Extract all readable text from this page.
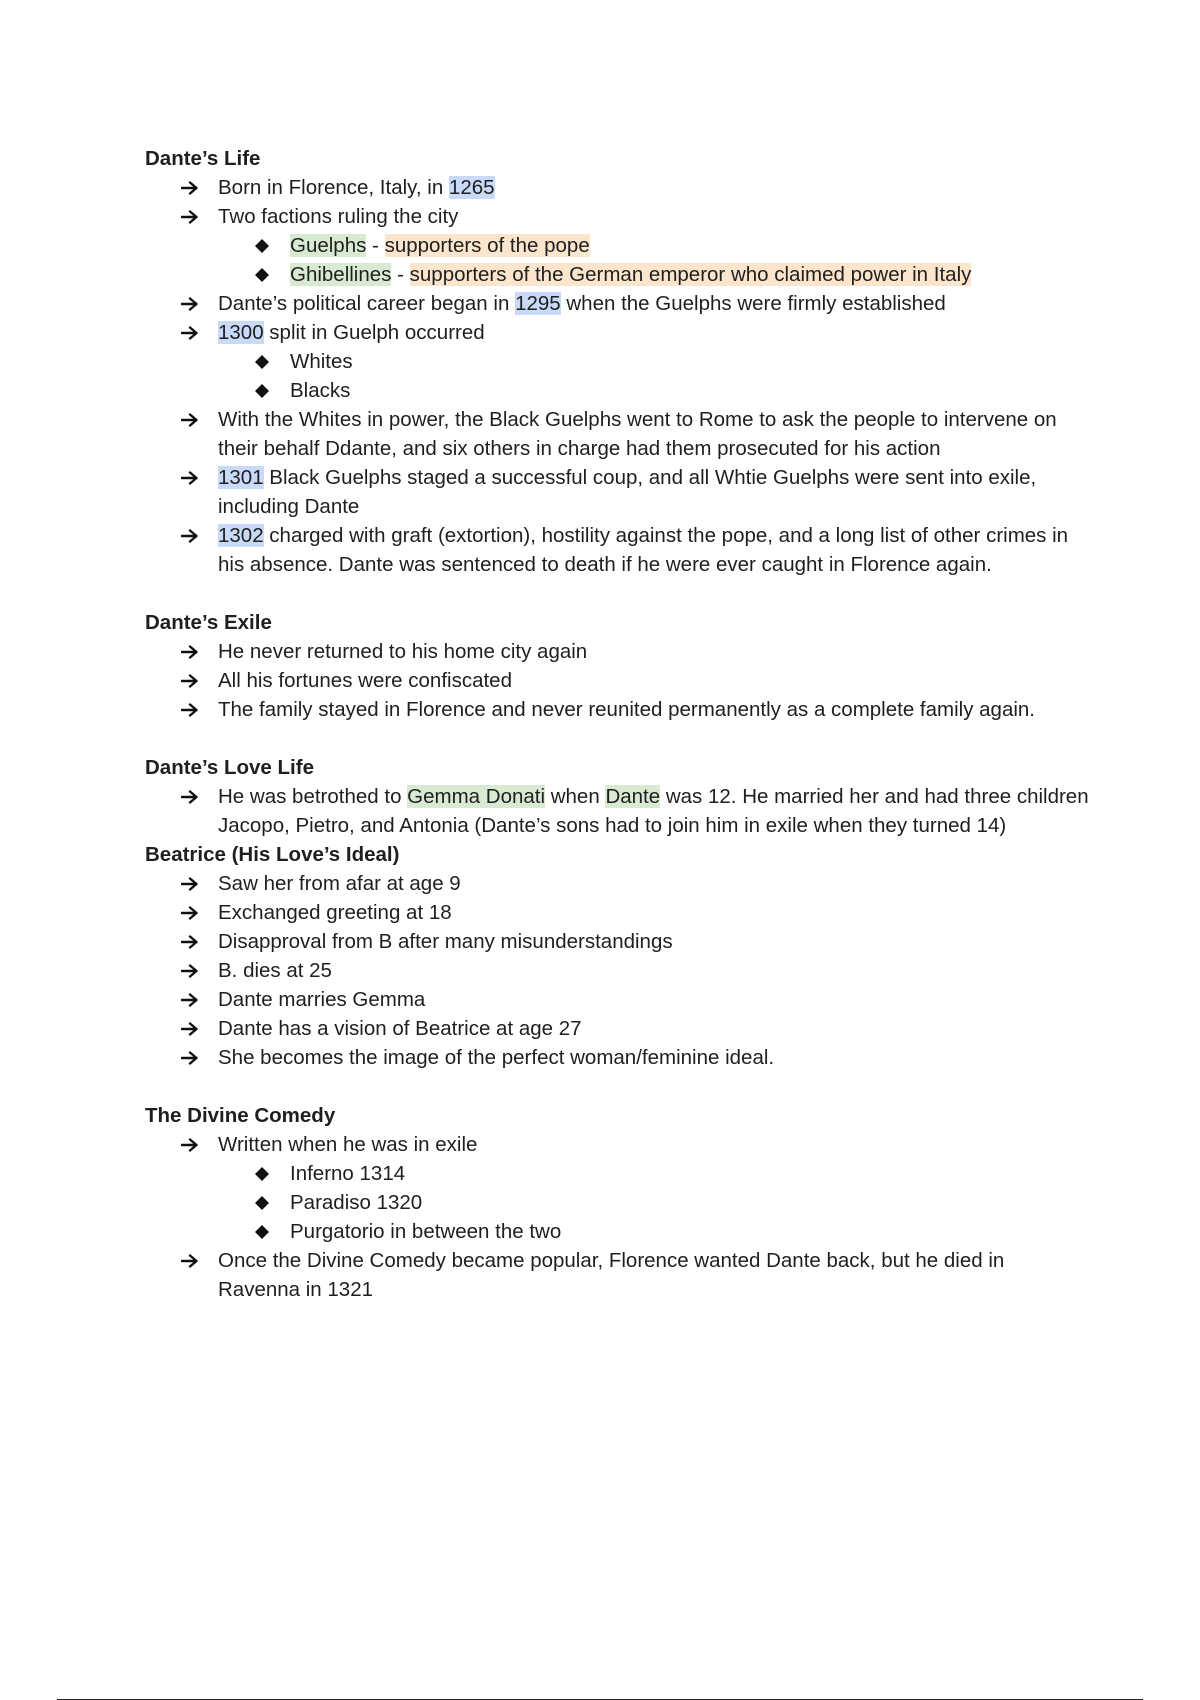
Dante’s Life
Born in Florence, Italy, in 1265
Two factions ruling the city
Guelphs - supporters of the pope
Ghibellines - supporters of the German emperor who claimed power in Italy
Dante’s political career began in 1295 when the Guelphs were firmly established
1300 split in Guelph occurred
Whites
Blacks
With the Whites in power, the Black Guelphs went to Rome to ask the people to intervene on their behalf Ddante, and six others in charge had them prosecuted for his action
1301 Black Guelphs staged a successful coup, and all Whtie Guelphs were sent into exile, including Dante
1302 charged with graft (extortion), hostility against the pope, and a long list of other crimes in his absence. Dante was sentenced to death if he were ever caught in Florence again.
Dante’s Exile
He never returned to his home city again
All his fortunes were confiscated
The family stayed in Florence and never reunited permanently as a complete family again.
Dante’s Love Life
He was betrothed to Gemma Donati when Dante was 12. He married her and had three children Jacopo, Pietro, and Antonia (Dante’s sons had to join him in exile when they turned 14)
Beatrice (His Love’s Ideal)
Saw her from afar at age 9
Exchanged greeting at 18
Disapproval from B after many misunderstandings
B. dies at 25
Dante marries Gemma
Dante has a vision of Beatrice at age 27
She becomes the image of the perfect woman/feminine ideal.
The Divine Comedy
Written when he was in exile
Inferno 1314
Paradiso 1320
Purgatorio in between the two
Once the Divine Comedy became popular, Florence wanted Dante back, but he died in Ravenna in 1321
